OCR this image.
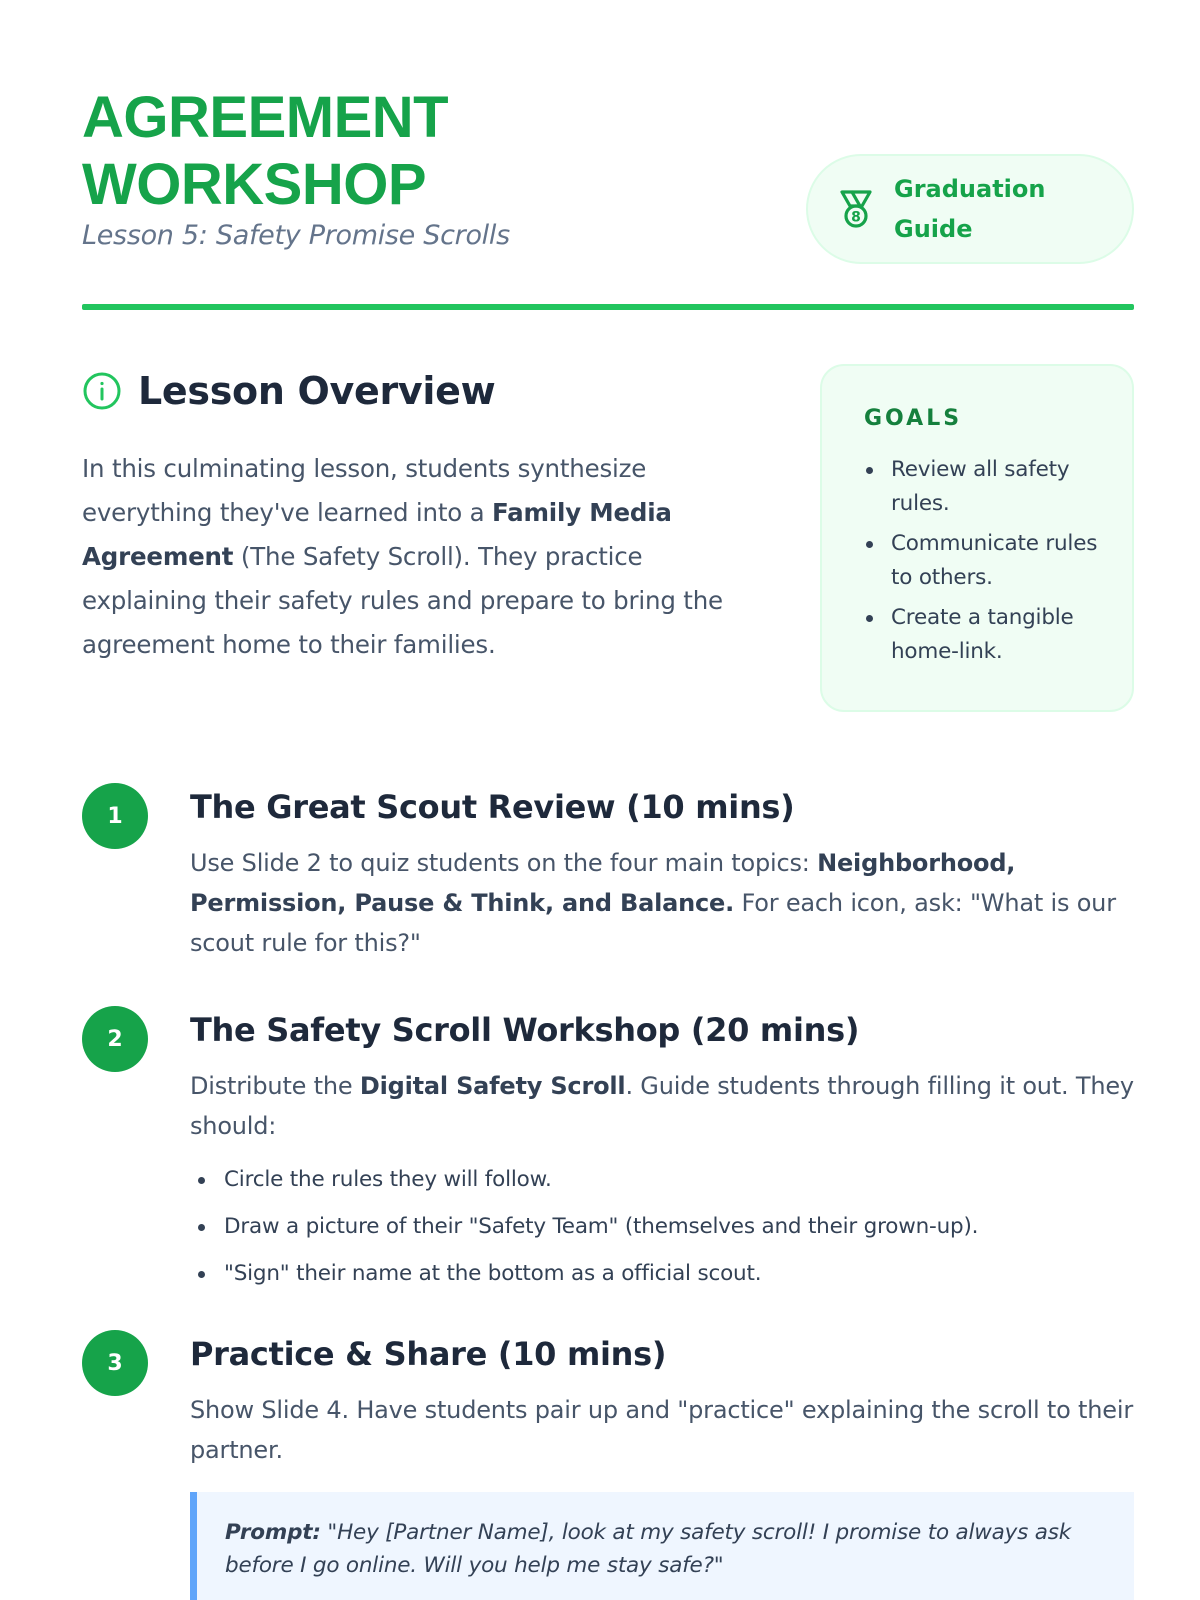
AGREEMENT
WORKSHOP
Lesson 5: Safety Promise Scrolls
8
Graduation Guide
Lesson Overview

In this culminating lesson, students synthesize everything they've learned into a Family Media Agreement (The Safety Scroll). They practice explaining their safety rules and prepare to bring the agreement home to their families.

GOALS
Review all safety rules.
Communicate rules to others.
Create a tangible home-link.
1	The Great Scout Review (10 mins)

Use Slide 2 to quiz students on the four main topics: Neighborhood, Permission, Pause & Think, and Balance. For each icon, ask: "What is our scout rule for this?"

2	The Safety Scroll Workshop (20 mins)

Distribute the Digital Safety Scroll. Guide students through filling it out. They should:

Circle the rules they will follow.
Draw a picture of their "Safety Team" (themselves and their grown-up).
"Sign" their name at the bottom as a official scout.
3	Practice & Share (10 mins)

Show Slide 4. Have students pair up and "practice" explaining the scroll to their partner.

Prompt: "Hey [Partner Name], look at my safety scroll! I promise to always ask before I go online. Will you help me stay safe?"
